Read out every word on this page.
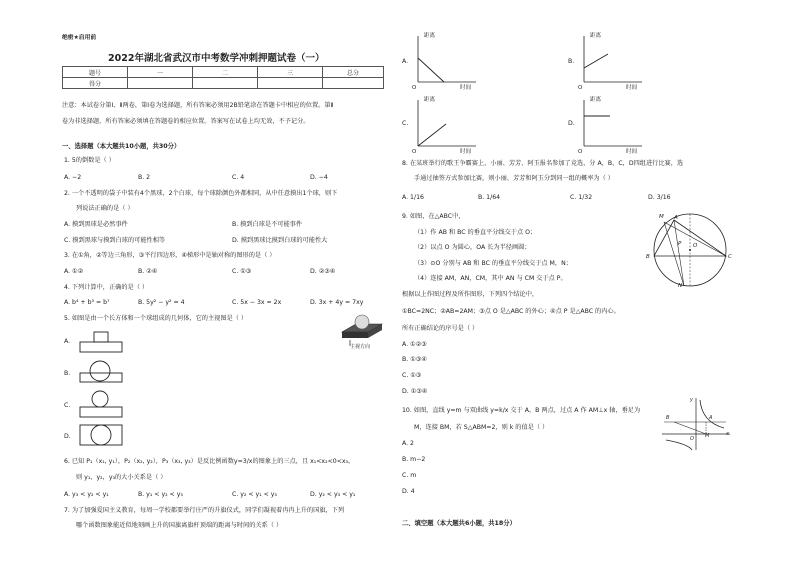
绝密★启用前
2022年湖北省武汉市中考数学冲刺押题试卷（一）
题号	一	二	三	总分
得分				
注意：本试卷分第Ⅰ、Ⅱ两卷，第Ⅰ卷为选择题，所有答案必须用2B铅笔涂在答题卡中相应的位置。第Ⅱ
卷为非选择题，所有答案必须填在答题卷的相应位置。答案写在试卷上均无效，不予记分。
一、选择题（本大题共10小题，共30分）
1. 5的倒数是（ ）
A. −2	B. 2	C. 4	D. −4
2. 一个不透明的袋子中装有4个黑球，2个白球，每个球除颜色外都相同，从中任意摸出1个球，则下
列说法正确的是（ ）
A. 摸到黑球是必然事件	B. 摸到白球是不可能事件
C. 摸到黑球与摸到白球的可能性相等	D. 摸到黑球比摸到白球的可能性大
3. 在①角，②等边三角形，③平行四边形，④梯形中是轴对称的图形的是（ ）
A. ①②	B. ②④	C. ①③	D. ②③④
4. 下列计算中，正确的是（ ）
A. b⁴ + b³ = b⁷	B. 5y² − y² = 4	C. 5x − 3x = 2x	D. 3x + 4y = 7xy
5. 如图是由一个长方体和一个球组成的几何体，它的主视图是（ ）
A.
B.
C.
D.
主视方向
6. 已知 P₁（x₁, y₁），P₂（x₂, y₂），P₃（x₃, y₃）是反比例函数y=3/x的图象上的三点，且 x₁<x₂<0<x₃，
则 y₁，y₂，y₃的大小关系是（ ）
A. y₃ < y₂ < y₁	B. y₁ < y₂ < y₃	C. y₂ < y₁ < y₃	D. y₂ < y₃ < y₁
7. 为了加强爱国主义教育，每周一学校都要举行庄严的升旗仪式，同学们凝视着冉冉上升的国旗，下列
哪个函数图象能近似地刻画上升的国旗离旗杆顶端的距离与时间的关系（ ）
A.
距离
时间
O
B.
距离
时间
O
C.
距离
时间
O
D.
距离
时间
O
8. 在某班举行的歌王争霸赛上，小丽、芳芳、阿玉报名参加了竞选，分 A，B，C，D四组进行比赛，选
手通过抽签方式参加比赛，则小丽、芳芳和阿玉分到同一组的概率为（ ）
A. 1/16	B. 1/64	C. 1/32	D. 3/16
9. 如图，在△ABC中，
（1）作 AB 和 BC 的垂直平分线交于点 O；
（2）以点 O 为圆心，OA 长为半径画圆；
（3）⊙O 分别与 AB 和 BC 的垂直平分线交于点 M，N；
（4）连接 AM，AN，CM，其中 AN 与 CM 交于点 P。
根据以上作图过程及所作图形，下列四个结论中，
①BC=2NC；②AB=2AM；③点 O 是△ABC 的外心；④点 P 是△ABC 的内心。
所有正确结论的序号是（ ）
A. ①②③
B. ①③④
C. ①③
D. ①③④
M A
O
P
B	C
N
10. 如图，直线 y=m 与双曲线 y=k/x 交于 A，B 两点，过点 A 作 AM⊥x 轴，垂足为
M，连接 BM，若 S△ABM=2，则 k 的值是（ ）
A. 2
B. m−2
C. m
D. 4
y
A
B
O M	x
二、填空题（本大题共6小题，共18分）
